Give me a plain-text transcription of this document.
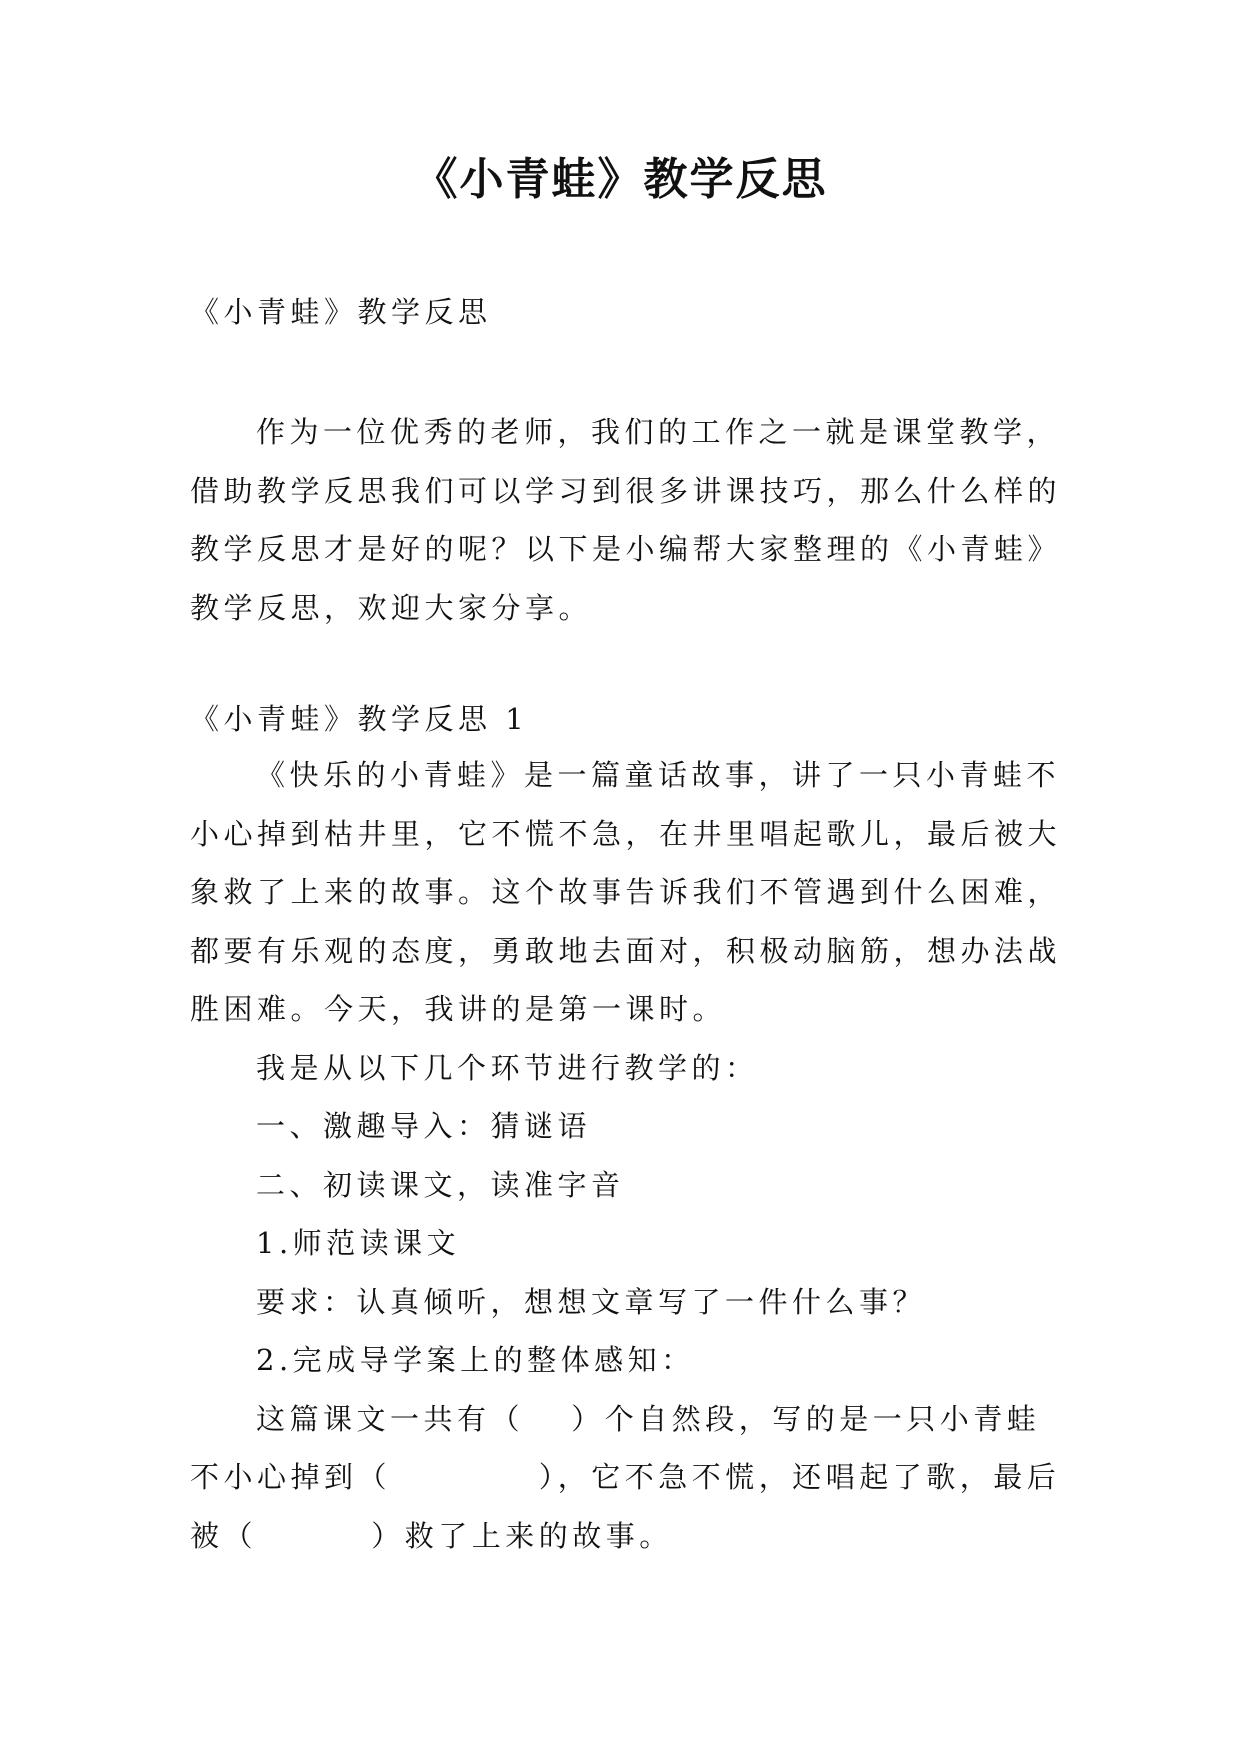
《小青蛙》教学反思

《小青蛙》教学反思

作为一位优秀的老师，我们的工作之一就是课堂教学，借助教学反思我们可以学习到很多讲课技巧，那么什么样的教学反思才是好的呢？以下是小编帮大家整理的《小青蛙》教学反思，欢迎大家分享。

《小青蛙》教学反思 1

《快乐的小青蛙》是一篇童话故事，讲了一只小青蛙不小心掉到枯井里，它不慌不急，在井里唱起歌儿，最后被大象救了上来的故事。这个故事告诉我们不管遇到什么困难，都要有乐观的态度，勇敢地去面对，积极动脑筋，想办法战胜困难。今天，我讲的是第一课时。

我是从以下几个环节进行教学的：

一、激趣导入：猜谜语

二、初读课文，读准字音

1.师范读课文

要求：认真倾听，想想文章写了一件什么事？

2.完成导学案上的整体感知：

这篇课文一共有（　 ）个自然段，写的是一只小青蛙不小心掉到（　　　　 ），它不急不慌，还唱起了歌，最后被（　　　 ）救了上来的故事。
